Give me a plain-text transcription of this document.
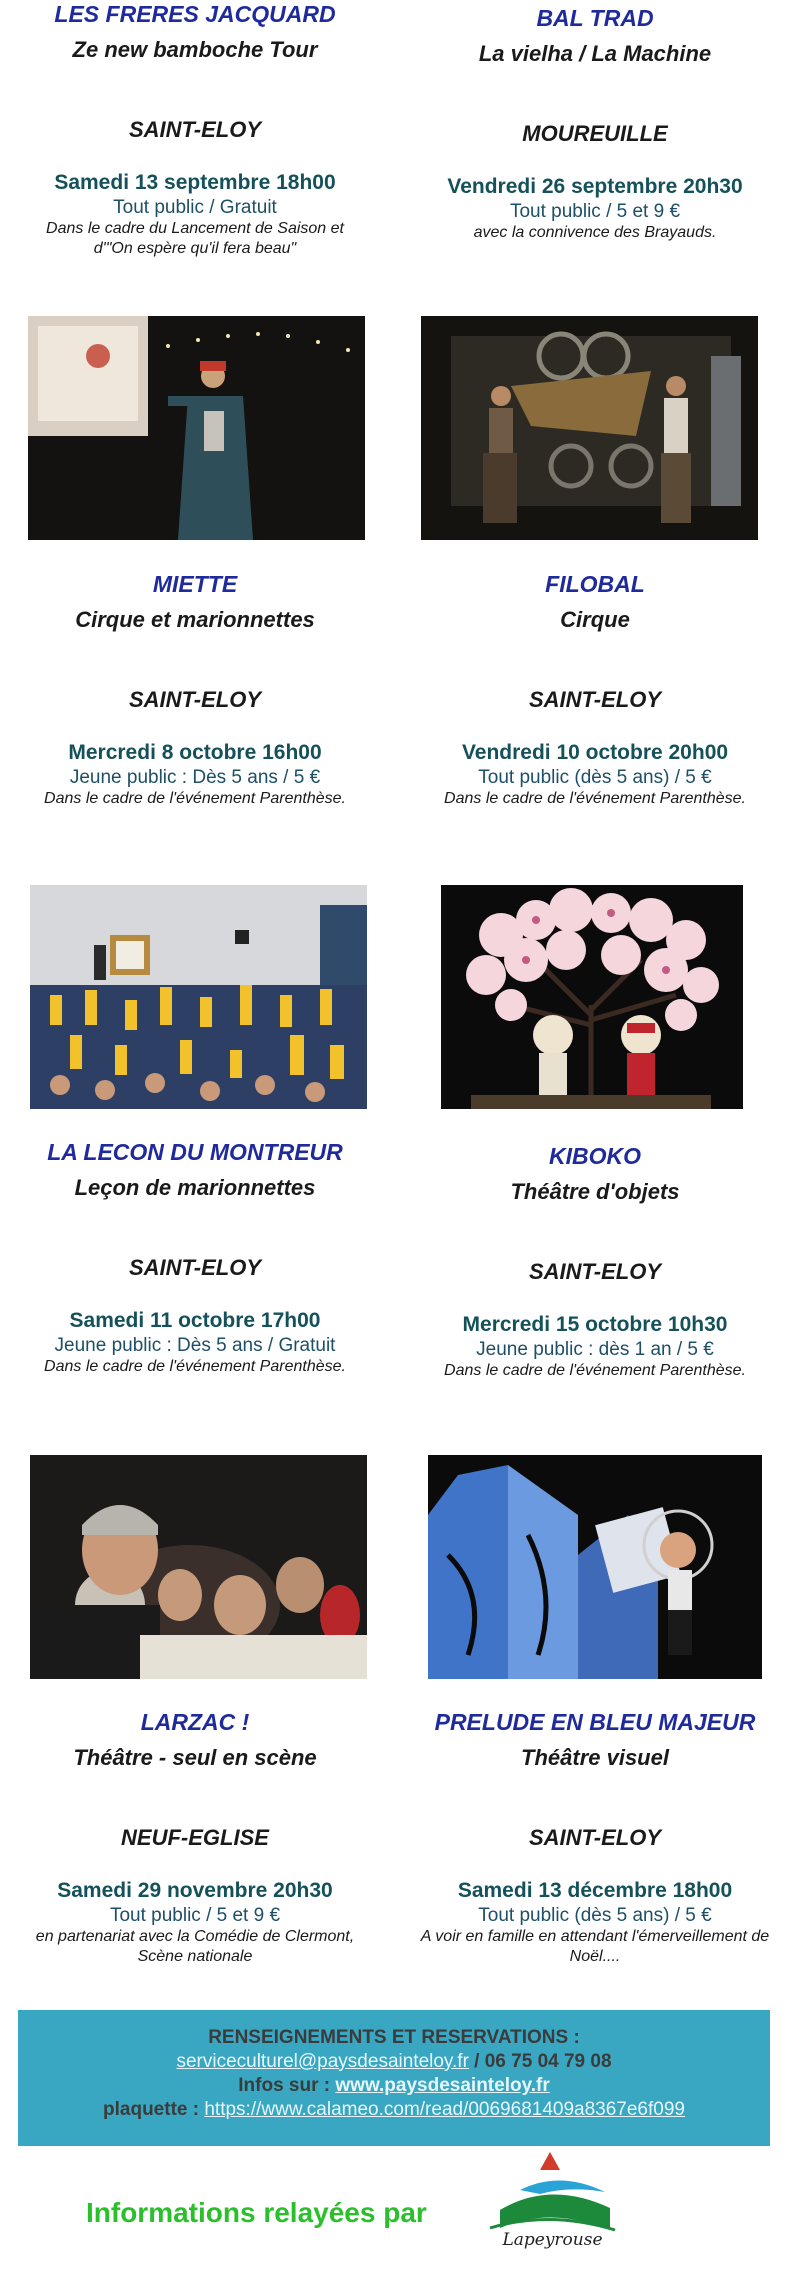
LES FRERES JACQUARD
Ze new bamboche Tour
SAINT-ELOY
Samedi 13 septembre 18h00
Tout public / Gratuit
Dans le cadre du Lancement de Saison et d'"On espère qu'il fera beau"
BAL TRAD
La vielha / La Machine
MOUREUILLE
Vendredi 26 septembre 20h30
Tout public / 5 et 9 €
avec la connivence des Brayauds.
MIETTE
Cirque et marionnettes
SAINT-ELOY
Mercredi 8 octobre 16h00
Jeune public : Dès 5 ans / 5 €
Dans le cadre de l'événement Parenthèse.
FILOBAL
Cirque
SAINT-ELOY
Vendredi 10 octobre 20h00
Tout public (dès 5 ans) / 5 €
Dans le cadre de l'événement Parenthèse.
LA LECON DU MONTREUR
Leçon de marionnettes
SAINT-ELOY
Samedi 11 octobre 17h00
Jeune public : Dès 5 ans / Gratuit
Dans le cadre de l'événement Parenthèse.
KIBOKO
Théâtre d'objets
SAINT-ELOY
Mercredi 15 octobre 10h30
Jeune public : dès 1 an / 5 €
Dans le cadre de l'événement Parenthèse.
LARZAC !
Théâtre - seul en scène
NEUF-EGLISE
Samedi 29 novembre 20h30
Tout public / 5 et 9 €
en partenariat avec la Comédie de Clermont, Scène nationale
PRELUDE EN BLEU MAJEUR
Théâtre visuel
SAINT-ELOY
Samedi 13 décembre 18h00
Tout public (dès 5 ans) / 5 €
A voir en famille en attendant l'émerveillement de Noël....
RENSEIGNEMENTS ET RESERVATIONS :
serviceculturel@paysdesainteloy.fr / 06 75 04 79 08
Infos sur : www.paysdesainteloy.fr
plaquette : https://www.calameo.com/read/0069681409a8367e6f099
Informations relayées par
Lapeyrouse
